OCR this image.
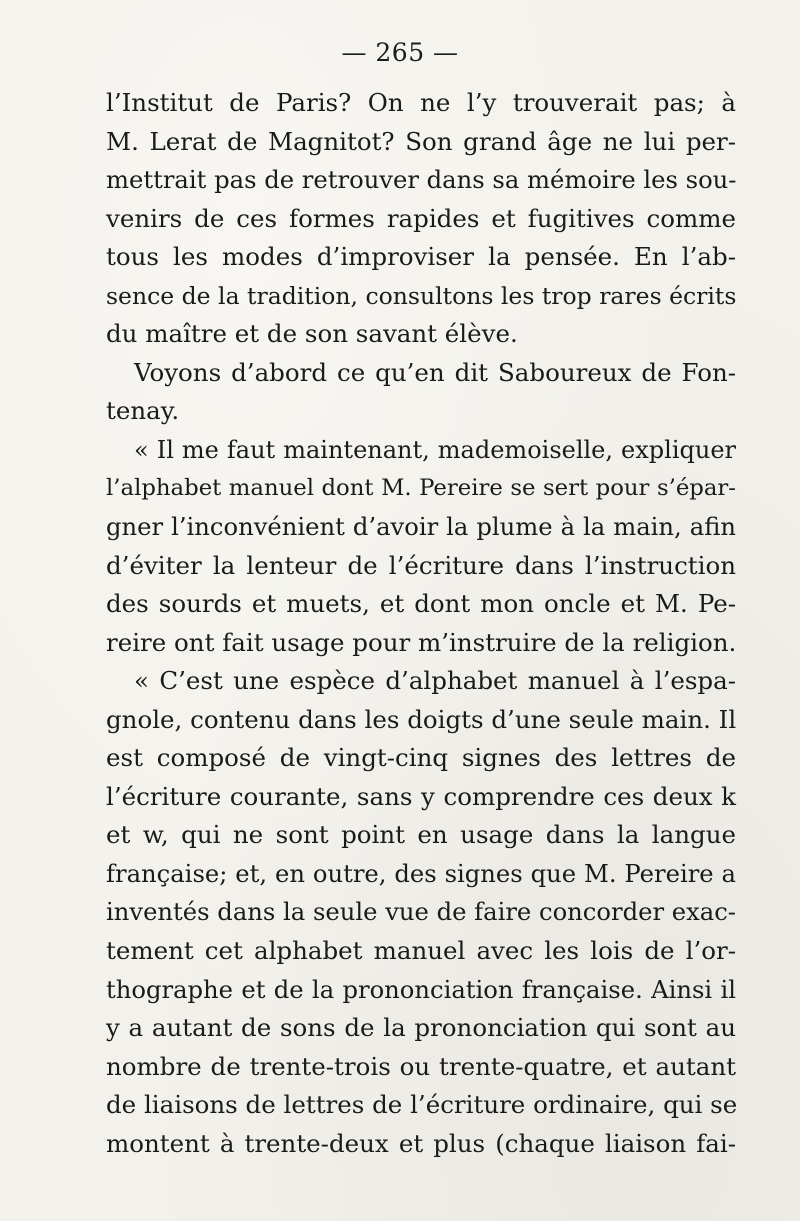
— 265 —
l’Institut de Paris? On ne l’y trouverait pas; à
M. Lerat de Magnitot? Son grand âge ne lui per-
mettrait pas de retrouver dans sa mémoire les sou-
venirs de ces formes rapides et fugitives comme
tous les modes d’improviser la pensée. En l’ab-
sence de la tradition, consultons les trop rares écrits
du maître et de son savant élève.
Voyons d’abord ce qu’en dit Saboureux de Fon-
tenay.
« Il me faut maintenant, mademoiselle, expliquer
l’alphabet manuel dont M. Pereire se sert pour s’épar-
gner l’inconvénient d’avoir la plume à la main, afin
d’éviter la lenteur de l’écriture dans l’instruction
des sourds et muets, et dont mon oncle et M. Pe-
reire ont fait usage pour m’instruire de la religion.
« C’est une espèce d’alphabet manuel à l’espa-
gnole, contenu dans les doigts d’une seule main. Il
est composé de vingt-cinq signes des lettres de
l’écriture courante, sans y comprendre ces deux k
et w, qui ne sont point en usage dans la langue
française; et, en outre, des signes que M. Pereire a
inventés dans la seule vue de faire concorder exac-
tement cet alphabet manuel avec les lois de l’or-
thographe et de la prononciation française. Ainsi il
y a autant de sons de la prononciation qui sont au
nombre de trente-trois ou trente-quatre, et autant
de liaisons de lettres de l’écriture ordinaire, qui se
montent à trente-deux et plus (chaque liaison fai-
